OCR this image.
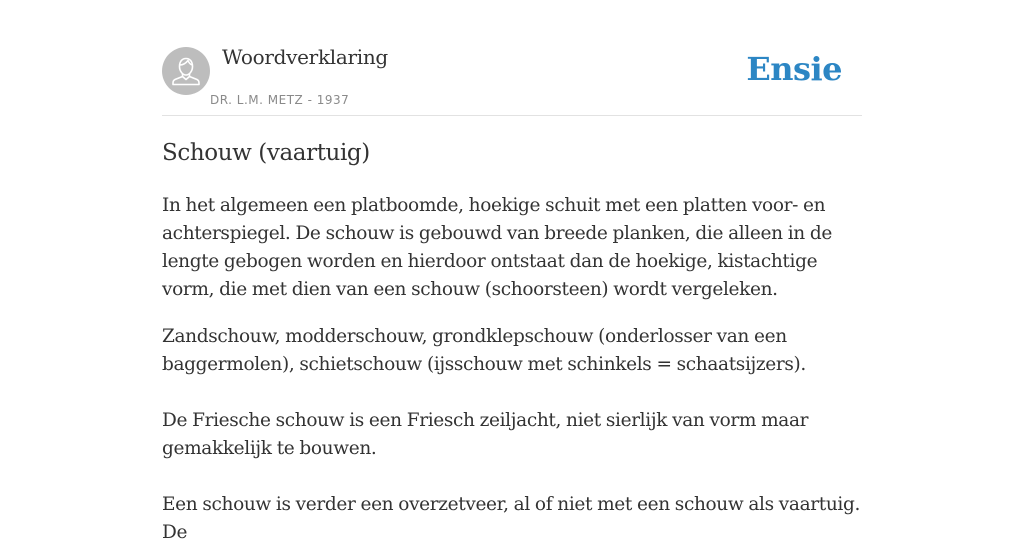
Woordverklaring
DR. L.M. METZ - 1937
Ensie
Schouw (vaartuig)

In het algemeen een platboomde, hoekige schuit met een platten voor- en achterspiegel. De schouw is gebouwd van breede planken, die alleen in de lengte gebogen worden en hierdoor ontstaat dan de hoekige, kistachtige vorm, die met dien van een schouw (schoorsteen) wordt vergeleken.

Zandschouw, modderschouw, grondklepschouw (onderlosser van een baggermolen), schietschouw (ijsschouw met schinkels = schaatsijzers).

De Friesche schouw is een Friesch zeiljacht, niet sierlijk van vorm maar gemakkelijk te bouwen.

Een schouw is verder een overzetveer, al of niet met een schouw als vaartuig. De
